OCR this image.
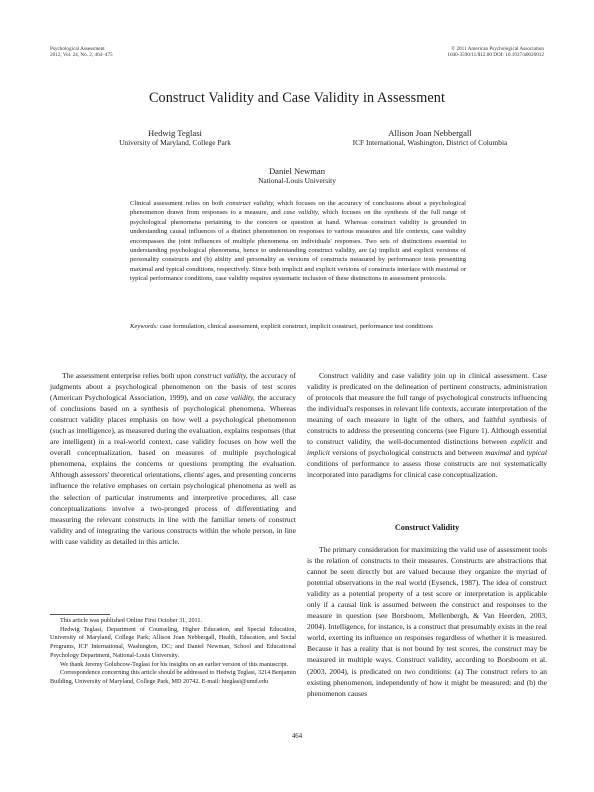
Psychological Assessment
2012, Vol. 24, No. 2, 464–475
© 2011 American Psychological Association
1040-3590/11/$12.00 DOI: 10.1037/a0026012
Construct Validity and Case Validity in Assessment
Hedwig Teglasi
University of Maryland, College Park
Allison Joan Nebbergall
ICF International, Washington, District of Columbia
Daniel Newman
National-Louis University
Clinical assessment relies on both construct validity, which focuses on the accuracy of conclusions about a psychological phenomenon drawn from responses to a measure, and case validity, which focuses on the synthesis of the full range of psychological phenomena pertaining to the concern or question at hand. Whereas construct validity is grounded in understanding causal influences of a distinct phenomenon on responses to various measures and life contexts, case validity encompasses the joint influences of multiple phenomena on individuals' responses. Two sets of distinctions essential to understanding psychological phenomena, hence to understanding construct validity, are (a) implicit and explicit versions of personality constructs and (b) ability and personality as versions of constructs measured by performance tests presenting maximal and typical conditions, respectively. Since both implicit and explicit versions of constructs interface with maximal or typical performance conditions, case validity requires systematic inclusion of these distinctions in assessment protocols.
Keywords: case formulation, clinical assessment, explicit construct, implicit construct, performance test conditions

The assessment enterprise relies both upon construct validity, the accuracy of judgments about a psychological phenomenon on the basis of test scores (American Psychological Association, 1999), and on case validity, the accuracy of conclusions based on a synthesis of psychological phenomena. Whereas construct validity places emphasis on how well a psychological phenomenon (such as intelligence), as measured during the evaluation, explains responses (that are intelligent) in a real-world context, case validity focuses on how well the overall conceptualization, based on measures of multiple psychological phenomena, explains the concerns or questions prompting the evaluation. Although assessors' theoretical orientations, clients' ages, and presenting concerns influence the relative emphases on certain psychological phenomena as well as the selection of particular instruments and interpretive procedures, all case conceptualizations involve a two-pronged process of differentiating and measuring the relevant constructs in line with the familiar tenets of construct validity and of integrating the various constructs within the whole person, in line with case validity as detailed in this article.

Construct validity and case validity join up in clinical assessment. Case validity is predicated on the delineation of pertinent constructs, administration of protocols that measure the full range of psychological constructs influencing the individual's responses in relevant life contexts, accurate interpretation of the meaning of each measure in light of the others, and faithful synthesis of constructs to address the presenting concerns (see Figure 1). Although essential to construct validity, the well-documented distinctions between explicit and implicit versions of psychological constructs and between maximal and typical conditions of performance to assess those constructs are not systematically incorporated into paradigms for clinical case conceptualization.

Construct Validity

The primary consideration for maximizing the valid use of assessment tools is the relation of constructs to their measures. Constructs are abstractions that cannot be seen directly but are valued because they organize the myriad of potential observations in the real world (Eysenck, 1987). The idea of construct validity as a potential property of a test score or interpretation is applicable only if a causal link is assumed between the construct and responses to the measure in question (see Borsboom, Mellenbergh, & Van Heerden, 2003, 2004). Intelligence, for instance, is a construct that presumably exists in the real world, exerting its influence on responses regardless of whether it is measured. Because it has a reality that is not bound by test scores, the construct may be measured in multiple ways. Construct validity, according to Borsboom et al. (2003, 2004), is predicated on two conditions: (a) The construct refers to an existing phenomenon, independently of how it might be measured; and (b) the phenomenon causes

This article was published Online First October 31, 2011.

Hedwig Teglasi, Department of Counseling, Higher Education, and Special Education, University of Maryland, College Park; Allison Joan Nebbergall, Health, Education, and Social Programs, ICF International, Washington, DC; and Daniel Newman, School and Educational Psychology Department, National-Louis University.

We thank Jeremy Golubcow-Teglasi for his insights on an earlier version of this manuscript.

Correspondence concerning this article should be addressed to Hedwig Teglasi, 3214 Benjamin Building, University of Maryland, College Park, MD 20742. E-mail: hteglasi@umd.edu

464
